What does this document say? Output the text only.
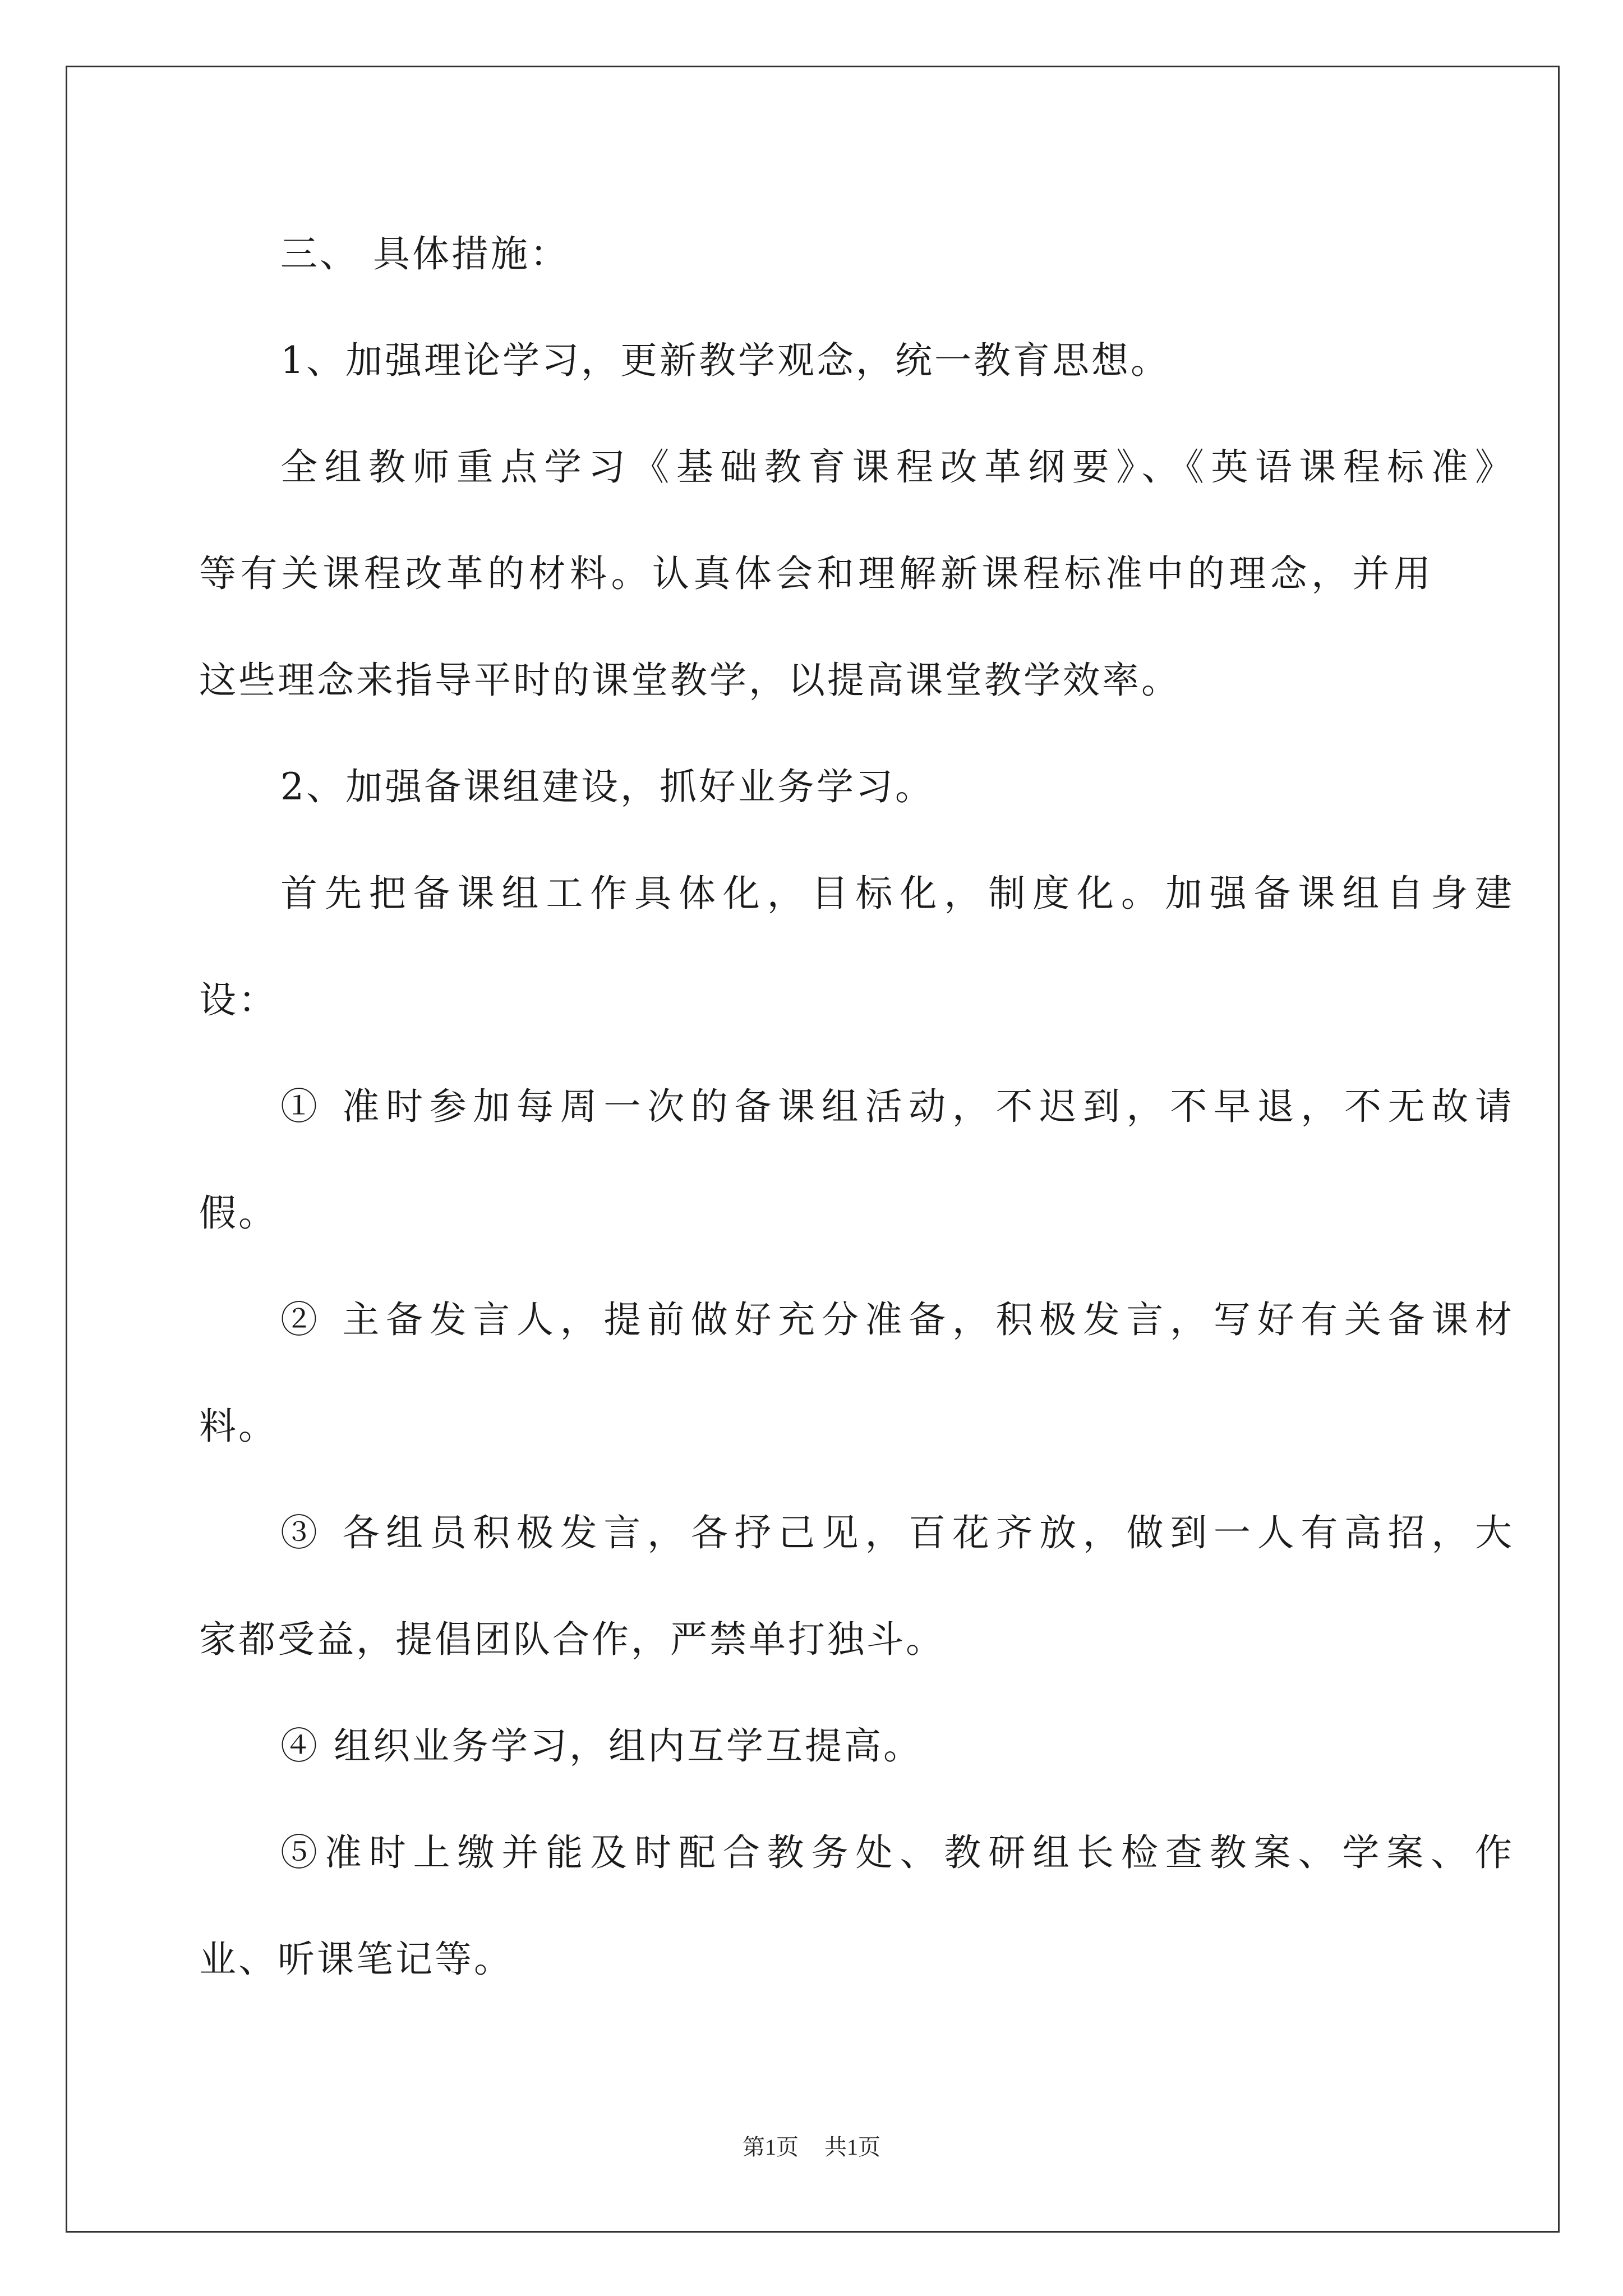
三、 具体措施：
1、加强理论学习，更新教学观念，统一教育思想。
全组教师重点学习《基础教育课程改革纲要》、《英语课程标准》
等有关课程改革的材料。认真体会和理解新课程标准中的理念，并用
这些理念来指导平时的课堂教学，以提高课堂教学效率。
2、加强备课组建设，抓好业务学习。
首先把备课组工作具体化，目标化，制度化。加强备课组自身建
设：
① 准时参加每周一次的备课组活动，不迟到，不早退，不无故请
假。
② 主备发言人，提前做好充分准备，积极发言，写好有关备课材
料。
③ 各组员积极发言，各抒己见，百花齐放，做到一人有高招，大
家都受益，提倡团队合作，严禁单打独斗。
④ 组织业务学习，组内互学互提高。
⑤准时上缴并能及时配合教务处、教研组长检查教案、学案、作
业、听课笔记等。
第1页 共1页
